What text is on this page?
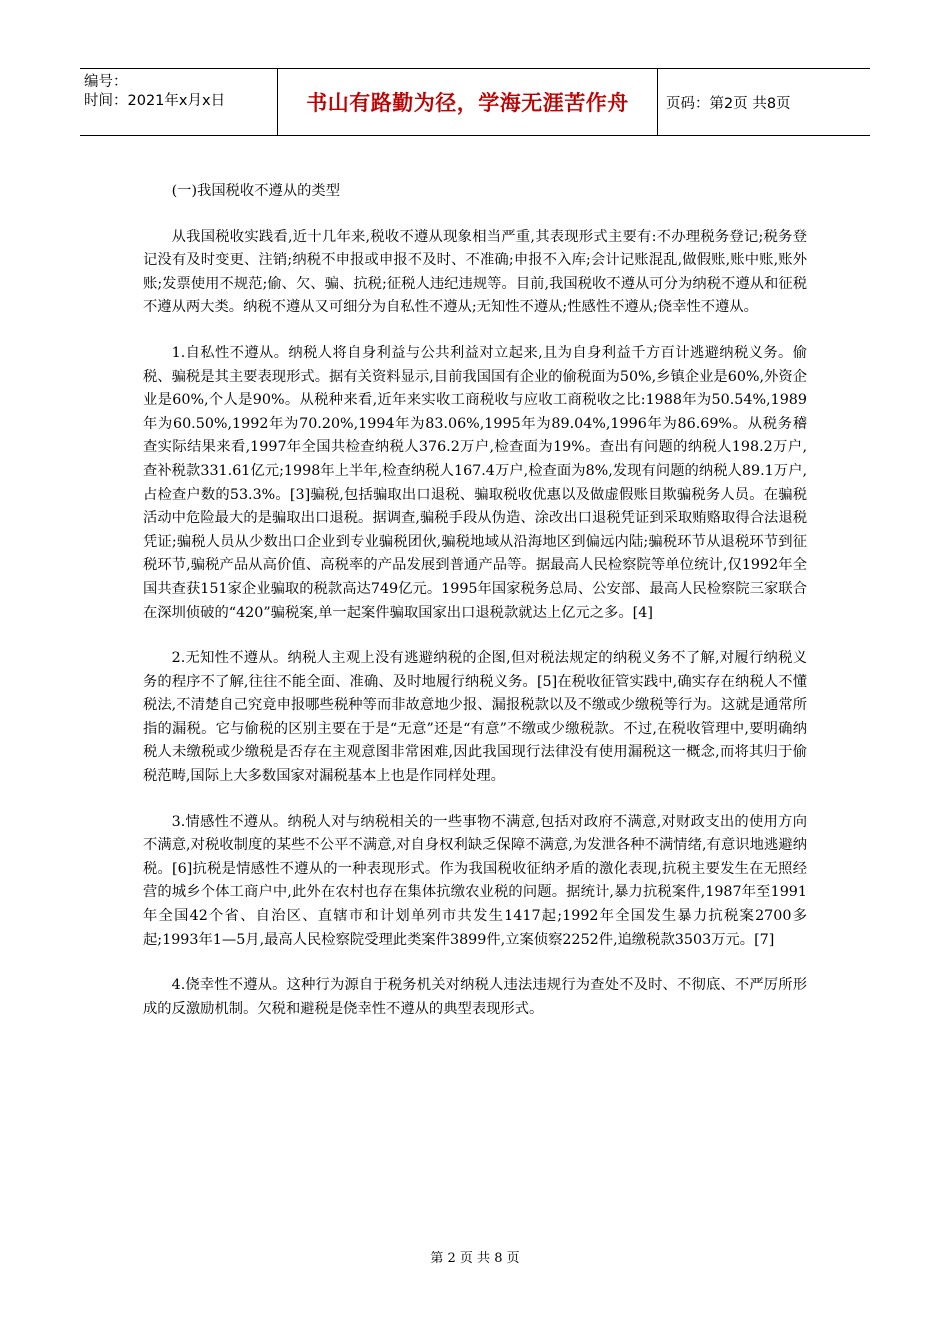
编号：
时间：2021年x月x日	书山有路勤为径，学海无涯苦作舟	页码：第2页 共8页

(一)我国税收不遵从的类型

从我国税收实践看,近十几年来,税收不遵从现象相当严重,其表现形式主要有:不办理税务登记;税务登记没有及时变更、注销;纳税不申报或申报不及时、不准确;申报不入库;会计记账混乱,做假账,账中账,账外账;发票使用不规范;偷、欠、骗、抗税;征税人违纪违规等。目前,我国税收不遵从可分为纳税不遵从和征税不遵从两大类。纳税不遵从又可细分为自私性不遵从;无知性不遵从;性感性不遵从;侥幸性不遵从。

1.自私性不遵从。纳税人将自身利益与公共利益对立起来,且为自身利益千方百计逃避纳税义务。偷税、骗税是其主要表现形式。据有关资料显示,目前我国国有企业的偷税面为50%,乡镇企业是60%,外资企业是60%,个人是90%。从税种来看,近年来实收工商税收与应收工商税收之比:1988年为50.54%,1989年为60.50%,1992年为70.20%,1994年为83.06%,1995年为89.04%,1996年为86.69%。从税务稽查实际结果来看,1997年全国共检查纳税人376.2万户,检查面为19%。查出有问题的纳税人198.2万户,查补税款331.61亿元;1998年上半年,检查纳税人167.4万户,检查面为8%,发现有问题的纳税人89.1万户,占检查户数的53.3%。[3]骗税,包括骗取出口退税、骗取税收优惠以及做虚假账目欺骗税务人员。在骗税活动中危险最大的是骗取出口退税。据调查,骗税手段从伪造、涂改出口退税凭证到采取贿赂取得合法退税凭证;骗税人员从少数出口企业到专业骗税团伙,骗税地域从沿海地区到偏远内陆;骗税环节从退税环节到征税环节,骗税产品从高价值、高税率的产品发展到普通产品等。据最高人民检察院等单位统计,仅1992年全国共查获151家企业骗取的税款高达749亿元。1995年国家税务总局、公安部、最高人民检察院三家联合在深圳侦破的“420”骗税案,单一起案件骗取国家出口退税款就达上亿元之多。[4]

2.无知性不遵从。纳税人主观上没有逃避纳税的企图,但对税法规定的纳税义务不了解,对履行纳税义务的程序不了解,往往不能全面、准确、及时地履行纳税义务。[5]在税收征管实践中,确实存在纳税人不懂税法,不清楚自己究竟申报哪些税种等而非故意地少报、漏报税款以及不缴或少缴税等行为。这就是通常所指的漏税。它与偷税的区别主要在于是“无意”还是“有意”不缴或少缴税款。不过,在税收管理中,要明确纳税人未缴税或少缴税是否存在主观意图非常困难,因此我国现行法律没有使用漏税这一概念,而将其归于偷税范畴,国际上大多数国家对漏税基本上也是作同样处理。

3.情感性不遵从。纳税人对与纳税相关的一些事物不满意,包括对政府不满意,对财政支出的使用方向不满意,对税收制度的某些不公平不满意,对自身权利缺乏保障不满意,为发泄各种不满情绪,有意识地逃避纳税。[6]抗税是情感性不遵从的一种表现形式。作为我国税收征纳矛盾的激化表现,抗税主要发生在无照经营的城乡个体工商户中,此外在农村也存在集体抗缴农业税的问题。据统计,暴力抗税案件,1987年至1991年全国42个省、自治区、直辖市和计划单列市共发生1417起;1992年全国发生暴力抗税案2700多起;1993年1—5月,最高人民检察院受理此类案件3899件,立案侦察2252件,追缴税款3503万元。[7]

4.侥幸性不遵从。这种行为源自于税务机关对纳税人违法违规行为查处不及时、不彻底、不严厉所形成的反激励机制。欠税和避税是侥幸性不遵从的典型表现形式。

第 2 页 共 8 页
